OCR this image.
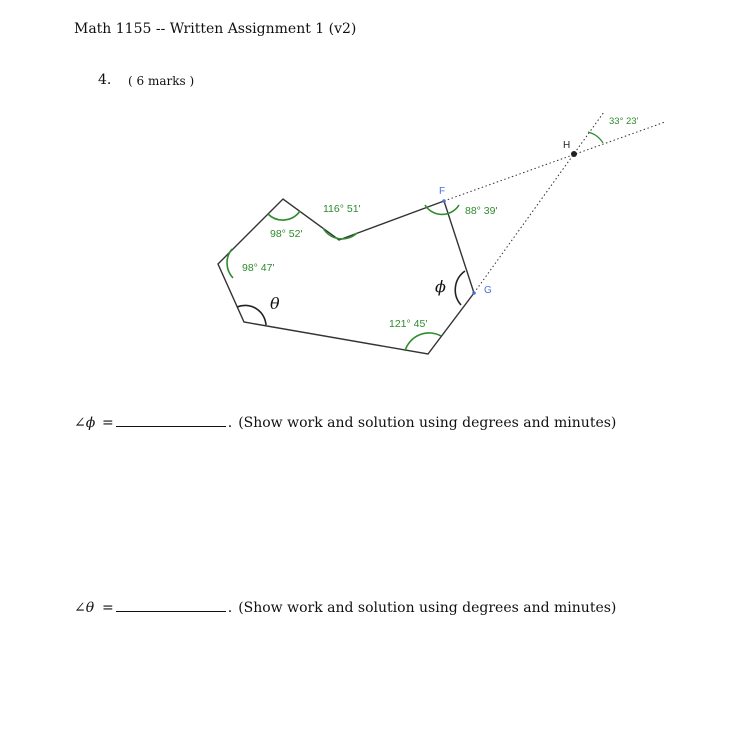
Math 1155 -- Written Assignment 1 (v2)
4. ( 6 marks )
98° 52'
116° 51'
98° 47'
88° 39'
121° 45'
33° 23'
F
G
H
ϕ
θ
∠ϕ =	. (Show work and solution using degrees and minutes)
∠θ =	. (Show work and solution using degrees and minutes)
